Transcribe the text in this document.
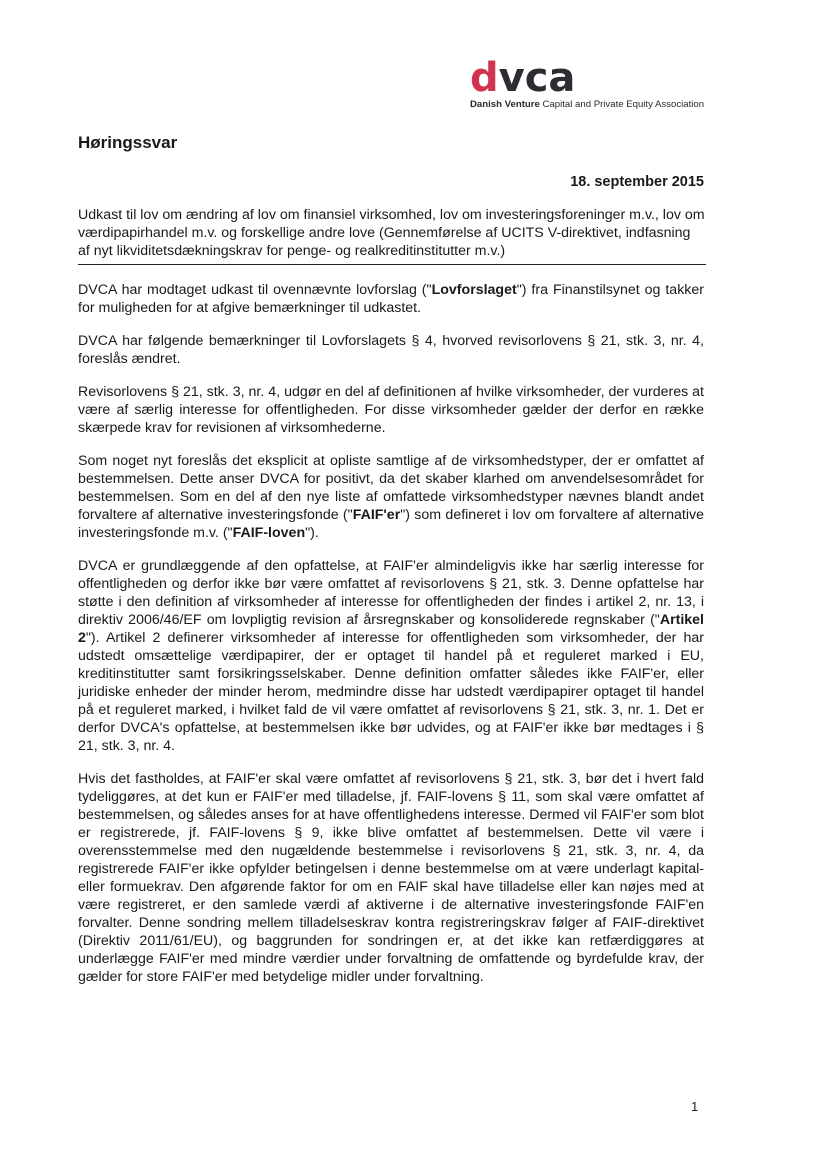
dvca
Danish Venture Capital and Private Equity Association
Høringssvar
18. september 2015
Udkast til lov om ændring af lov om finansiel virksomhed, lov om investeringsforeninger m.v., lov om værdipapirhandel m.v. og forskellige andre love (Gennemførelse af UCITS V-direktivet, indfasning af nyt likviditetsdækningskrav for penge- og realkreditinstitutter m.v.)

DVCA har modtaget udkast til ovennævnte lovforslag ("Lovforslaget") fra Finanstilsynet og takker for muligheden for at afgive bemærkninger til udkastet.

DVCA har følgende bemærkninger til Lovforslagets § 4, hvorved revisorlovens § 21, stk. 3, nr. 4, foreslås ændret.

Revisorlovens § 21, stk. 3, nr. 4, udgør en del af definitionen af hvilke virksomheder, der vurderes at være af særlig interesse for offentligheden. For disse virksomheder gælder der derfor en række skærpede krav for revisionen af virksomhederne.

Som noget nyt foreslås det eksplicit at opliste samtlige af de virksomhedstyper, der er omfattet af bestemmelsen. Dette anser DVCA for positivt, da det skaber klarhed om anvendelsesområdet for bestemmelsen. Som en del af den nye liste af omfattede virksomhedstyper nævnes blandt andet forvaltere af alternative investeringsfonde ("FAIF'er") som defineret i lov om forvaltere af alternative investeringsfonde m.v. ("FAIF-loven").

DVCA er grundlæggende af den opfattelse, at FAIF'er almindeligvis ikke har særlig interesse for offentligheden og derfor ikke bør være omfattet af revisorlovens § 21, stk. 3. Denne opfattelse har støtte i den definition af virksomheder af interesse for offentligheden der findes i artikel 2, nr. 13, i direktiv 2006/46/EF om lovpligtig revision af årsregnskaber og konsoliderede regnskaber ("Artikel 2"). Artikel 2 definerer virksomheder af interesse for offentligheden som virksomheder, der har udstedt omsættelige værdipapirer, der er optaget til handel på et reguleret marked i EU, kreditinstitutter samt forsikringsselskaber. Denne definition omfatter således ikke FAIF'er, eller juridiske enheder der minder herom, medmindre disse har udstedt værdipapirer optaget til handel på et reguleret marked, i hvilket fald de vil være omfattet af revisorlovens § 21, stk. 3, nr. 1. Det er derfor DVCA's opfattelse, at bestemmelsen ikke bør udvides, og at FAIF'er ikke bør medtages i § 21, stk. 3, nr. 4.

Hvis det fastholdes, at FAIF'er skal være omfattet af revisorlovens § 21, stk. 3, bør det i hvert fald tydeliggøres, at det kun er FAIF'er med tilladelse, jf. FAIF-lovens § 11, som skal være omfattet af bestemmelsen, og således anses for at have offentlighedens interesse. Dermed vil FAIF'er som blot er registrerede, jf. FAIF-lovens § 9, ikke blive omfattet af bestemmelsen. Dette vil være i overensstemmelse med den nugældende bestemmelse i revisorlovens § 21, stk. 3, nr. 4, da registrerede FAIF'er ikke opfylder betingelsen i denne bestemmelse om at være underlagt kapital- eller formuekrav. Den afgørende faktor for om en FAIF skal have tilladelse eller kan nøjes med at være registreret, er den samlede værdi af aktiverne i de alternative investeringsfonde FAIF'en forvalter. Denne sondring mellem tilladelseskrav kontra registreringskrav følger af FAIF-direktivet (Direktiv 2011/61/EU), og baggrunden for sondringen er, at det ikke kan retfærdiggøres at underlægge FAIF'er med mindre værdier under forvaltning de omfattende og byrdefulde krav, der gælder for store FAIF'er med betydelige midler under forvaltning.

1
